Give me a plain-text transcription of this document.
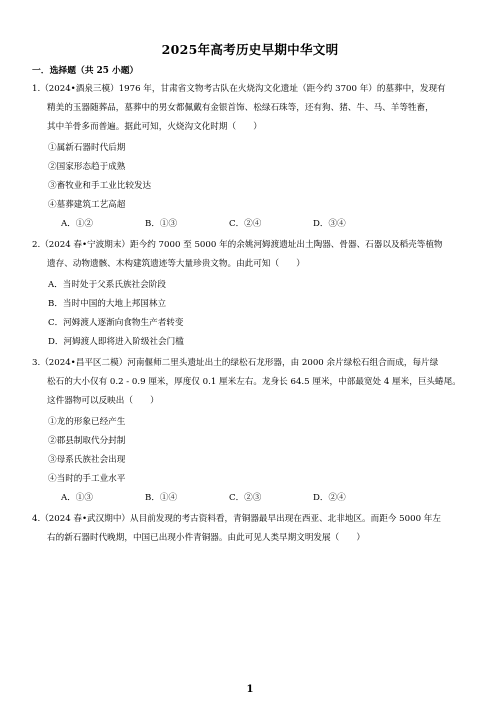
2025年高考历史早期中华文明
一．选择题（共 25 小题）
1.（2024•酒泉三模）1976 年，甘肃省文物考古队在火烧沟文化遗址（距今约 3700 年）的墓葬中，发现有
精美的玉器随葬品，墓葬中的男女都佩戴有金银首饰、松绿石珠等，还有狗、猪、牛、马、羊等牲畜，
其中羊骨多而普遍。据此可知，火烧沟文化时期（　　）
①属新石器时代后期
②国家形态趋于成熟
③畜牧业和手工业比较发达
④墓葬建筑工艺高超
A．①②	B．①③	C．②④	D．③④
2.（2024 春•宁波期末）距今约 7000 至 5000 年的余姚河姆渡遗址出土陶器、骨器、石器以及稻壳等植物
遗存、动物遗骸、木构建筑遗迹等大量珍贵文物。由此可知（　　）
A．当时处于父系氏族社会阶段
B．当时中国的大地上邦国林立
C．河姆渡人逐渐向食物生产者转变
D．河姆渡人即将进入阶级社会门槛
3.（2024•昌平区二模）河南偃师二里头遗址出土的绿松石龙形器，由 2000 余片绿松石组合而成，每片绿
松石的大小仅有 0.2 - 0.9 厘米，厚度仅 0.1 厘米左右。龙身长 64.5 厘米，中部最宽处 4 厘米，巨头蜷尾。
这件器物可以反映出（　　）
①龙的形象已经产生
②郡县制取代分封制
③母系氏族社会出现
④当时的手工业水平
A．①③	B．①④	C．②③	D．②④
4.（2024 春•武汉期中）从目前发现的考古资料看，青铜器最早出现在西亚、北非地区。而距今 5000 年左
右的新石器时代晚期，中国已出现小件青铜器。由此可见人类早期文明发展（　　）
1
